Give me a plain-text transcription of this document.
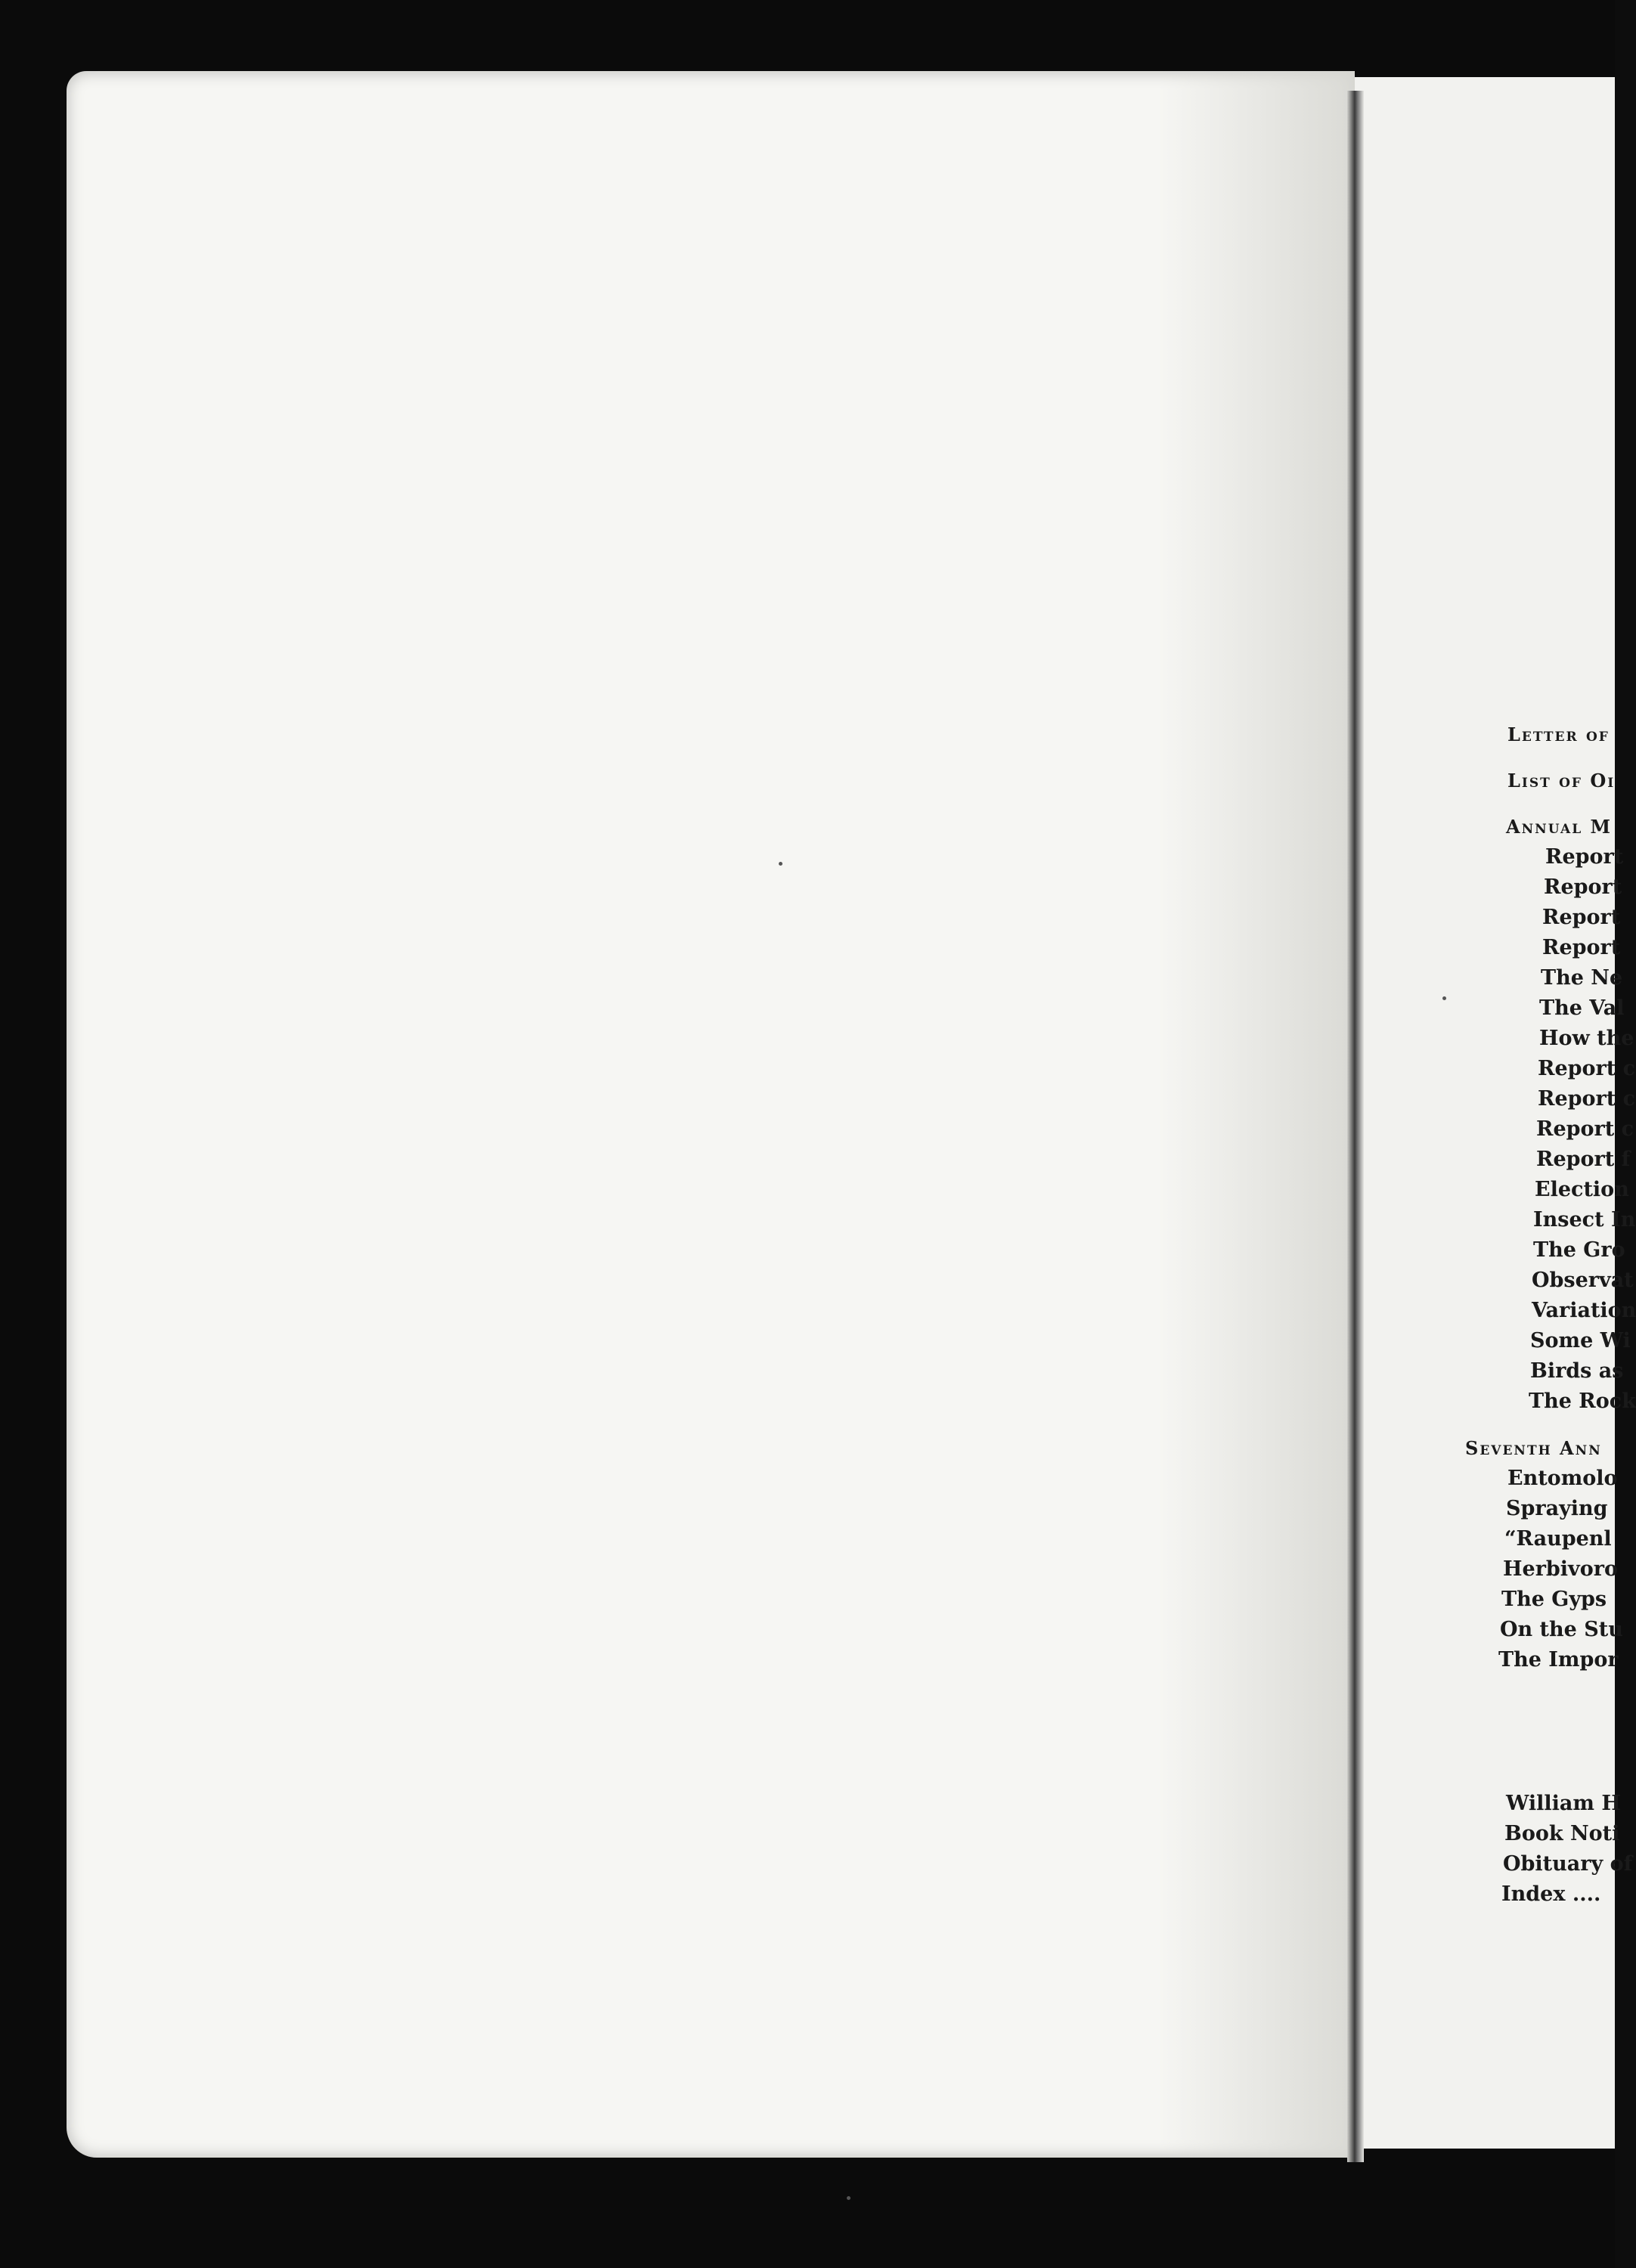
Letter of
List of Oı
Annual M
Report
Report
Report
Report
The Ne
The Val
How the
Report c
Report c
Report c
Report f
Election
Insect In
The Gro
Observat
Variation
Some Wi
Birds as
The Rock
Seventh Ann
Entomolo
Spraying
“Raupenl
Herbivoro
The Gyps
On the Stu
The Impor
William H
Book Noti
Obituary of
Index ....
